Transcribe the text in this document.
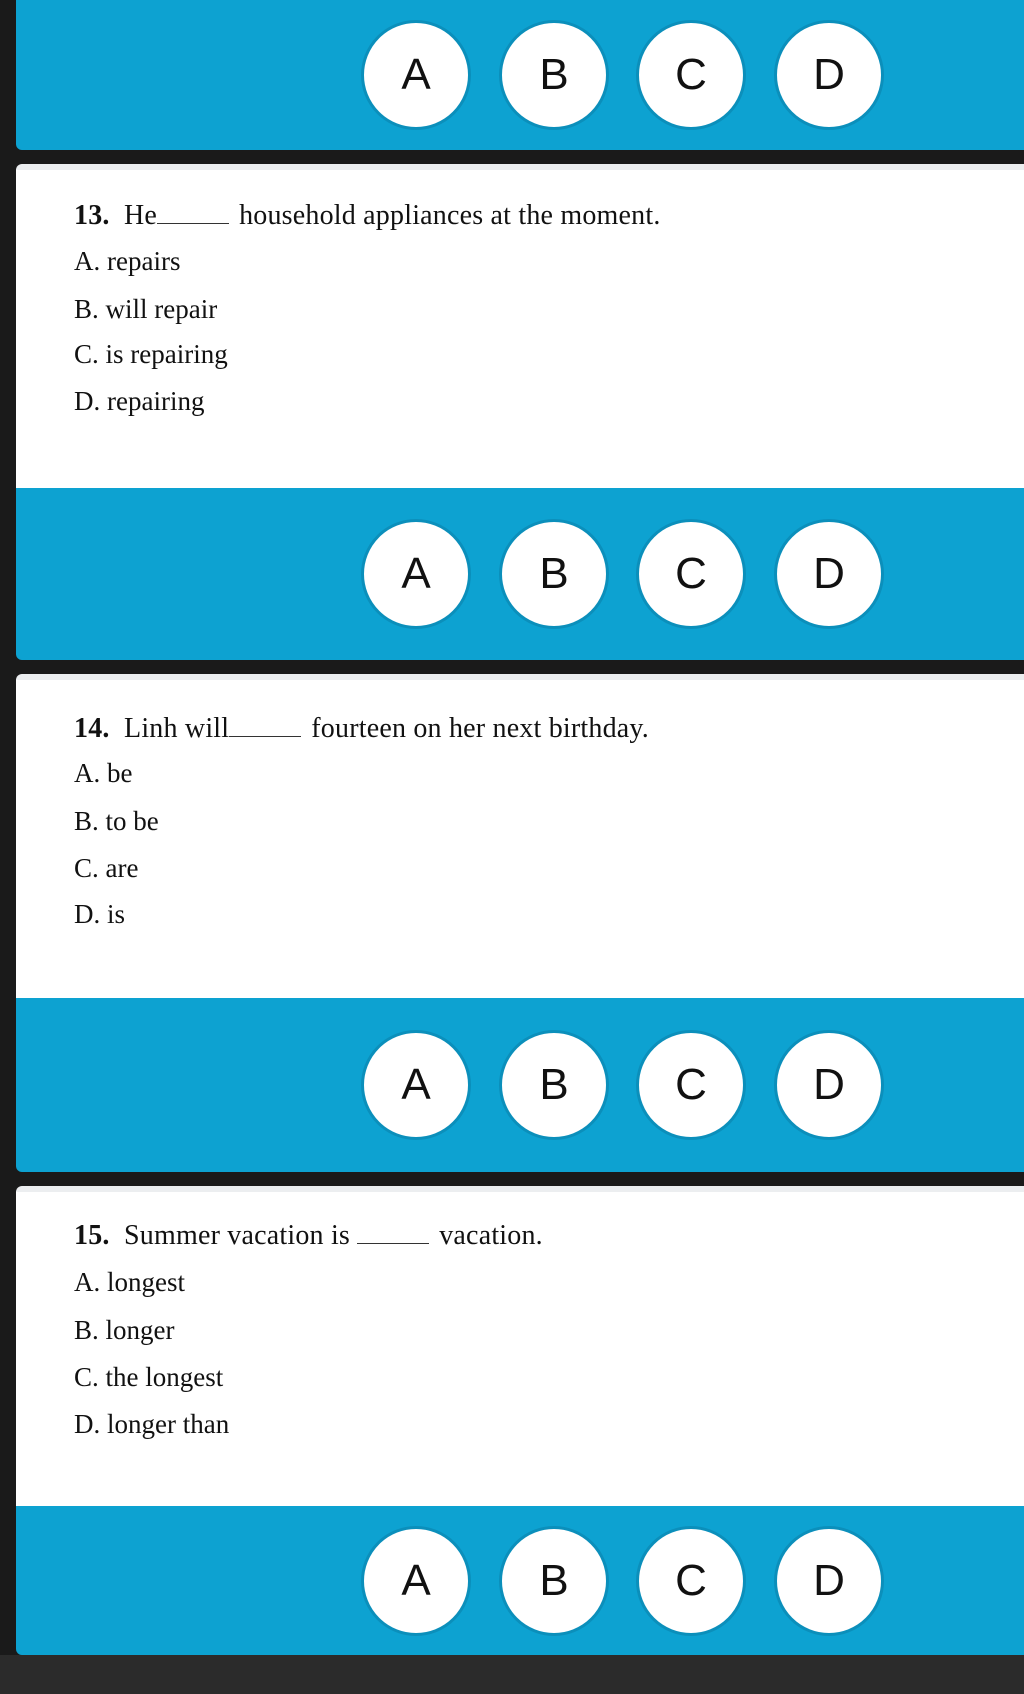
A	B	C	D
13. He	household appliances at the moment.
A. repairs
B. will repair
C. is repairing
D. repairing
A	B	C	D
14. Linh will	fourteen on her next birthday.
A. be
B. to be
C. are
D. is
A	B	C	D
15. Summer vacation is	vacation.
A. longest
B. longer
C. the longest
D. longer than
A	B	C	D
